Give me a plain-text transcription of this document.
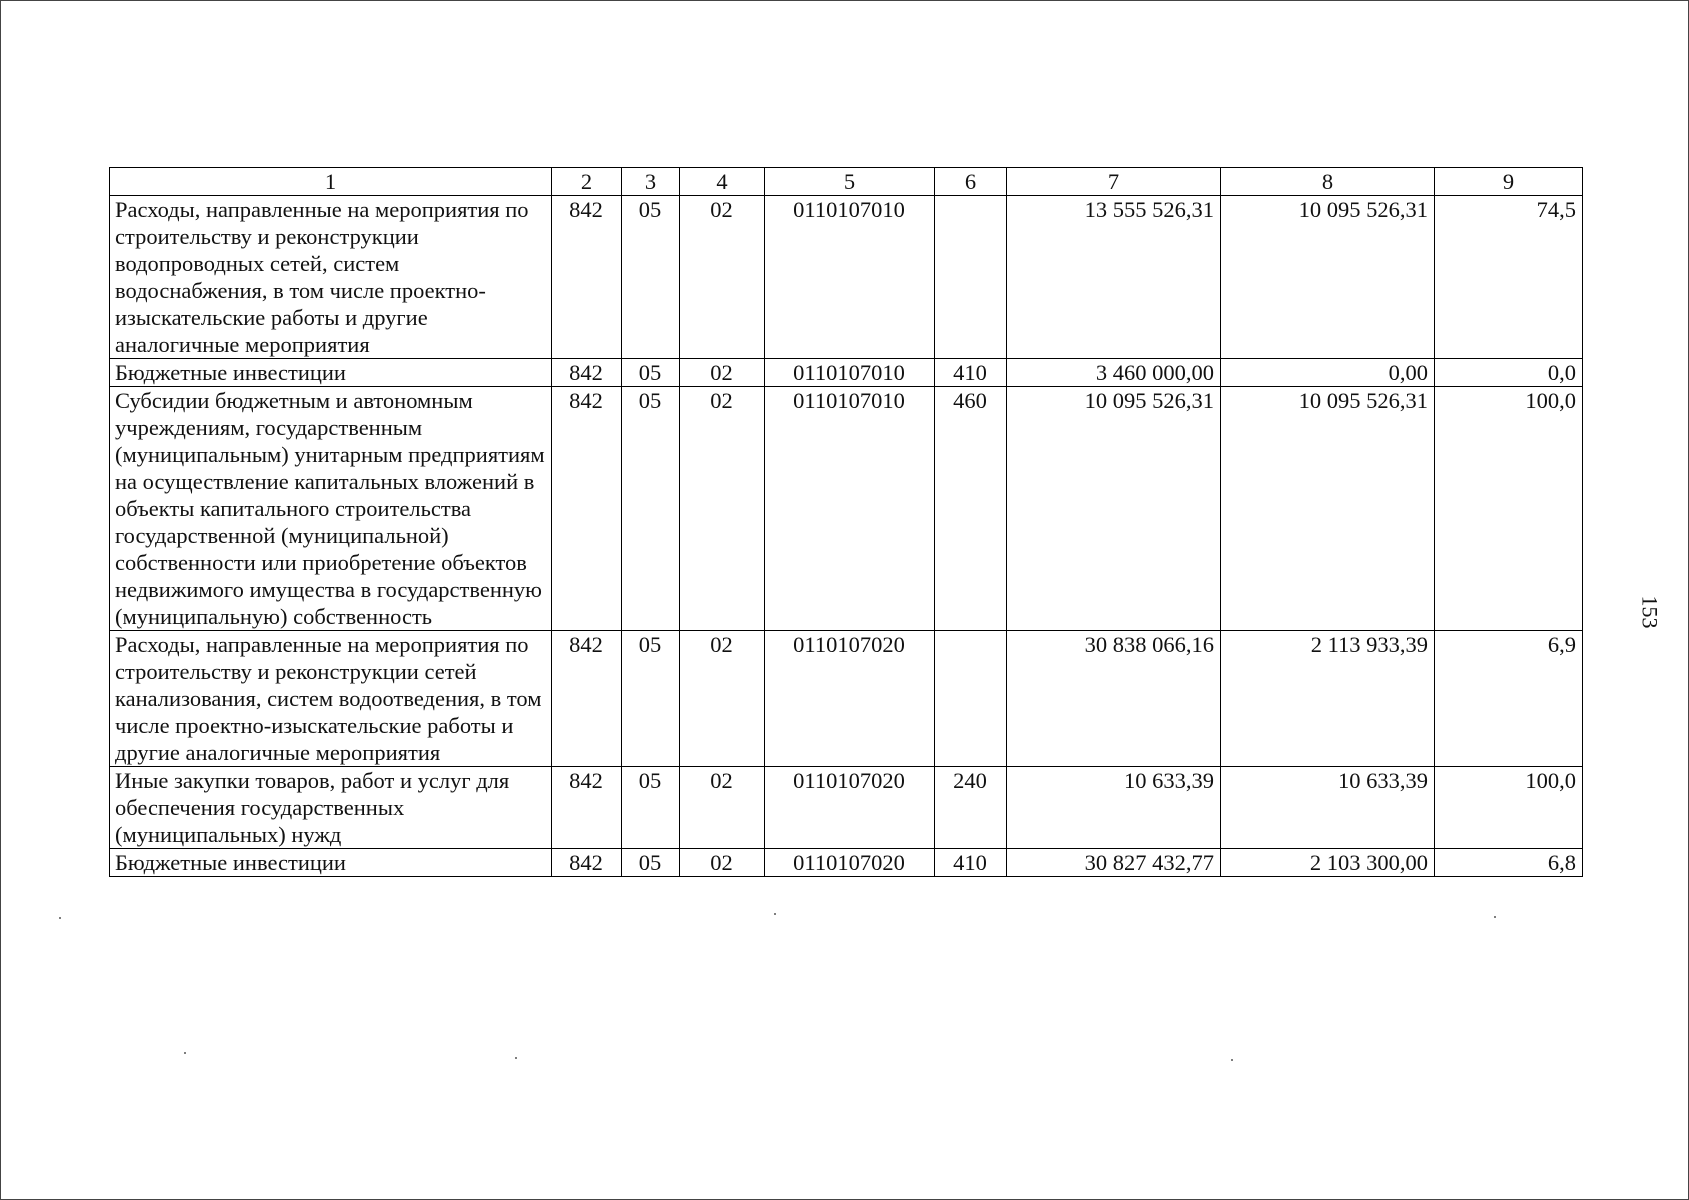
1	2	3	4	5	6	7	8	9
Расходы, направленные на мероприятия по строительству и реконструкции водопроводных сетей, систем водоснабжения, в том числе проектно-изыскательские работы и другие аналогичные мероприятия	842	05	02	0110107010		13 555 526,31	10 095 526,31	74,5
Бюджетные инвестиции	842	05	02	0110107010	410	3 460 000,00	0,00	0,0
Субсидии бюджетным и автономным учреждениям, государственным (муниципальным) унитарным предприятиям на осуществление капитальных вложений в объекты капитального строительства государственной (муниципальной) собственности или приобретение объектов недвижимого имущества в государственную (муниципальную) собственность	842	05	02	0110107010	460	10 095 526,31	10 095 526,31	100,0
Расходы, направленные на мероприятия по строительству и реконструкции сетей канализования, систем водоотведения, в том числе проектно-изыскательские работы и другие аналогичные мероприятия	842	05	02	0110107020		30 838 066,16	2 113 933,39	6,9
Иные закупки товаров, работ и услуг для обеспечения государственных (муниципальных) нужд	842	05	02	0110107020	240	10 633,39	10 633,39	100,0
Бюджетные инвестиции	842	05	02	0110107020	410	30 827 432,77	2 103 300,00	6,8
153
